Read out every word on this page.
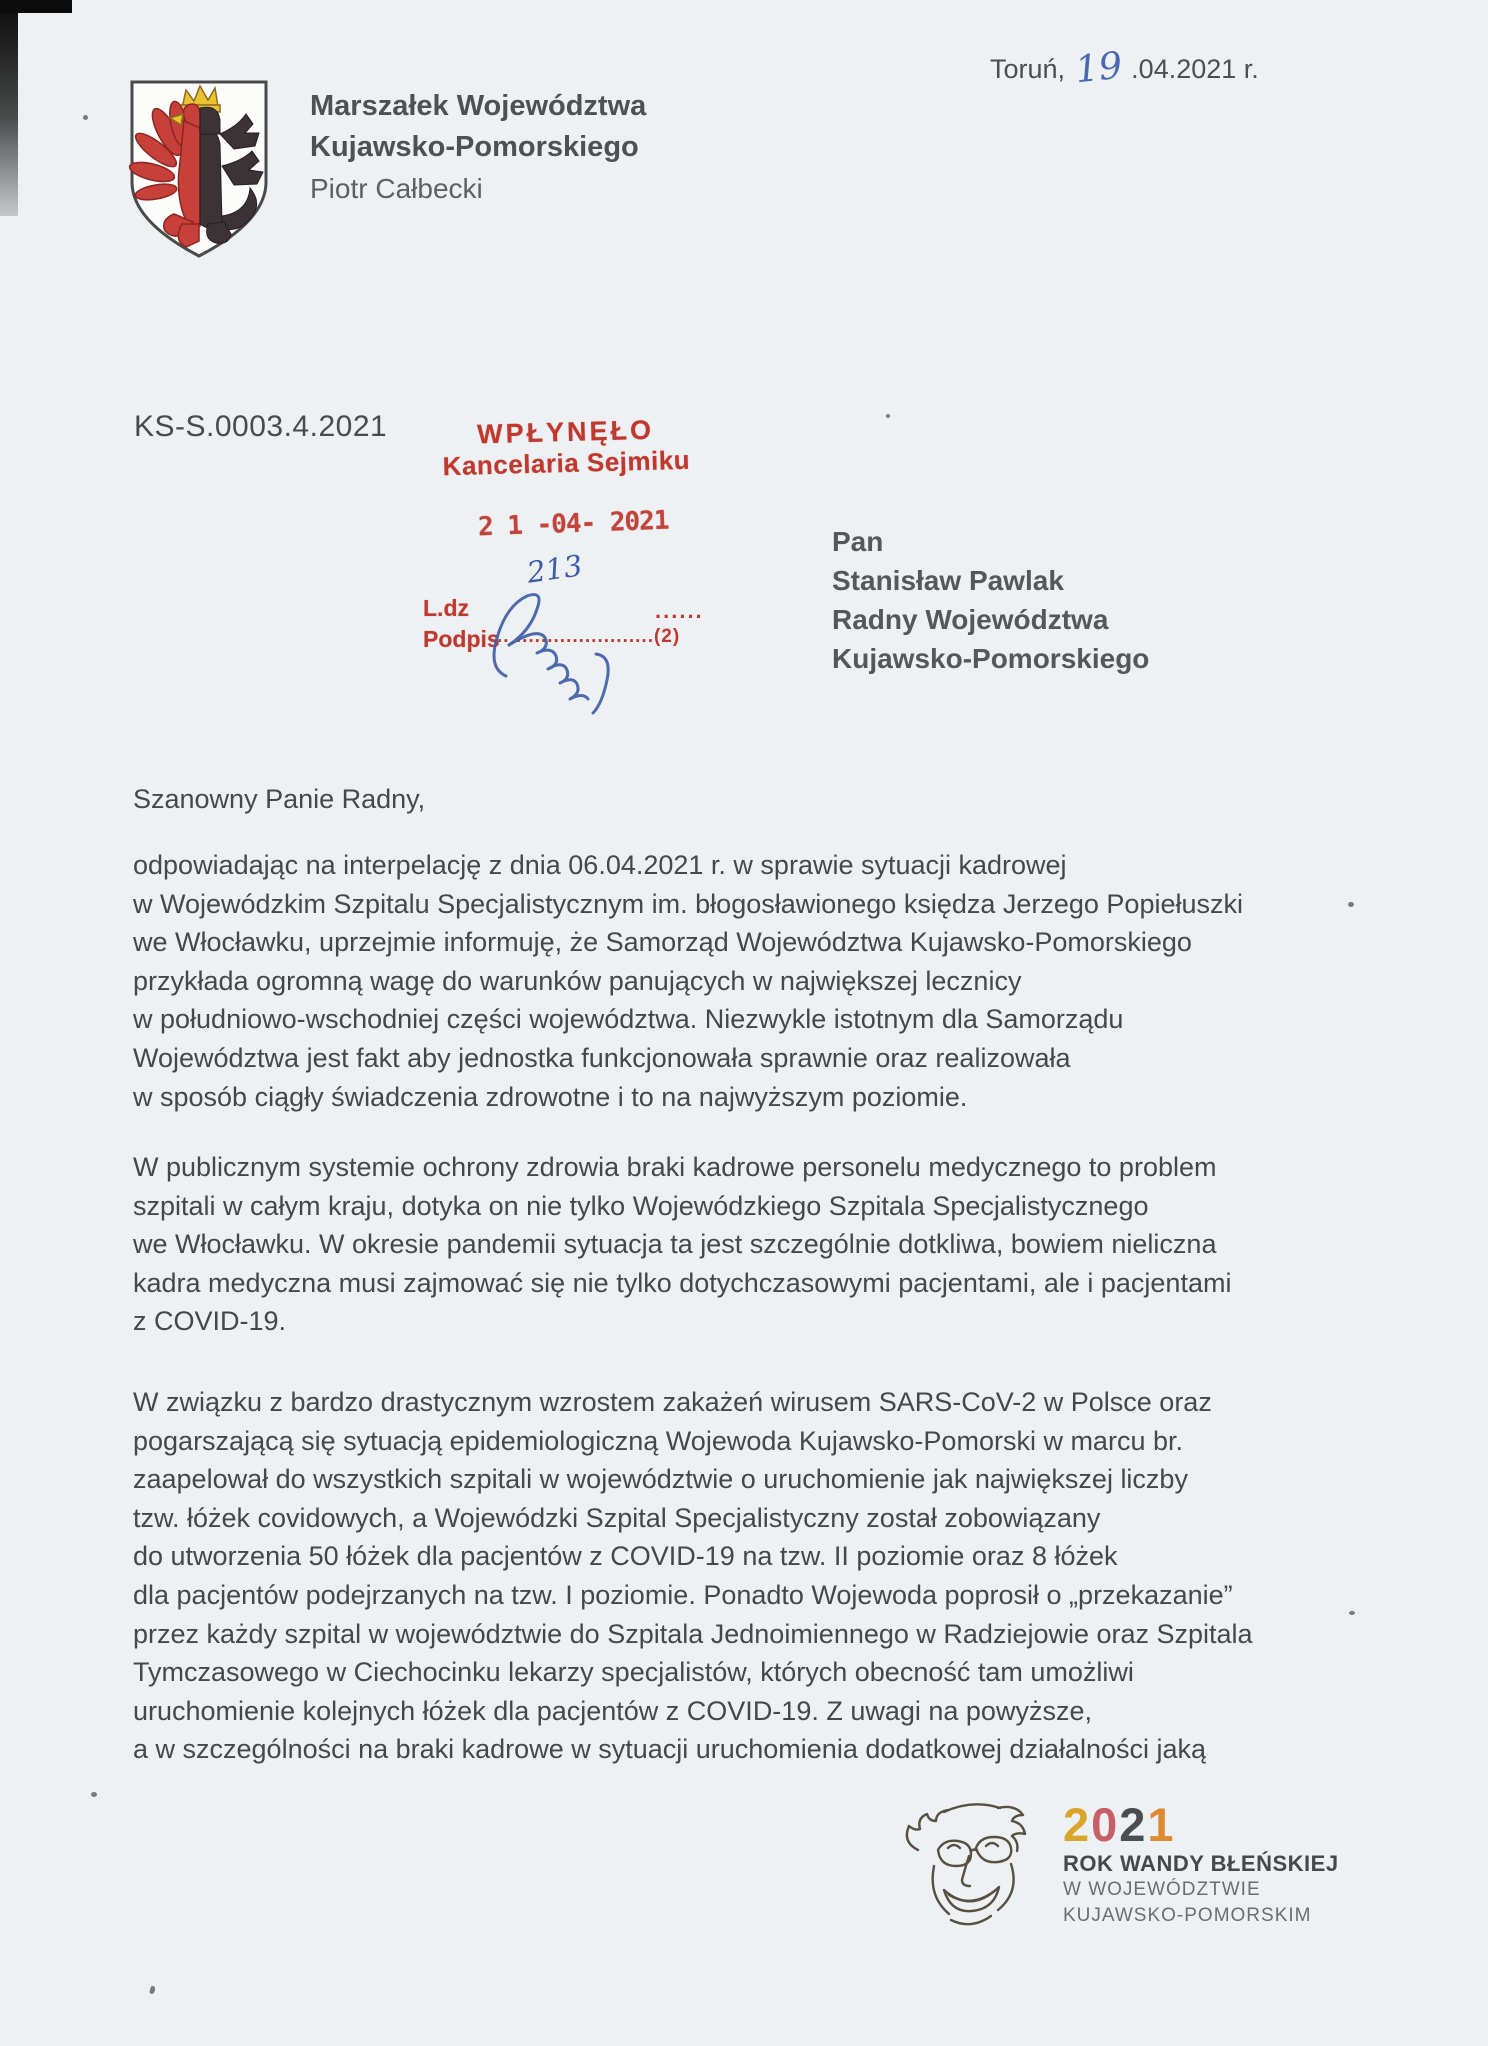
Toruń, 19 .04.2021 r.
Marszałek Województwa
Kujawsko-Pomorskiego
Piotr Całbecki
KS-S.0003.4.2021	WPŁYNĘŁO
Kancelaria Sejmiku
2 1 -04- 2021
L.dz
Podpis
......
.. ......................(2)
213
Pan
Stanisław Pawlak
Radny Województwa
Kujawsko-Pomorskiego
Szanowny Panie Radny,
odpowiadając na interpelację z dnia 06.04.2021 r. w sprawie sytuacji kadrowej
w Wojewódzkim Szpitalu Specjalistycznym im. błogosławionego księdza Jerzego Popiełuszki
we Włocławku, uprzejmie informuję, że Samorząd Województwa Kujawsko-Pomorskiego
przykłada ogromną wagę do warunków panujących w największej lecznicy
w południowo-wschodniej części województwa. Niezwykle istotnym dla Samorządu
Województwa jest fakt aby jednostka funkcjonowała sprawnie oraz realizowała
w sposób ciągły świadczenia zdrowotne i to na najwyższym poziomie.
W publicznym systemie ochrony zdrowia braki kadrowe personelu medycznego to problem
szpitali w całym kraju, dotyka on nie tylko Wojewódzkiego Szpitala Specjalistycznego
we Włocławku. W okresie pandemii sytuacja ta jest szczególnie dotkliwa, bowiem nieliczna
kadra medyczna musi zajmować się nie tylko dotychczasowymi pacjentami, ale i pacjentami
z COVID-19.
W związku z bardzo drastycznym wzrostem zakażeń wirusem SARS-CoV-2 w Polsce oraz
pogarszającą się sytuacją epidemiologiczną Wojewoda Kujawsko-Pomorski w marcu br.
zaapelował do wszystkich szpitali w województwie o uruchomienie jak największej liczby
tzw. łóżek covidowych, a Wojewódzki Szpital Specjalistyczny został zobowiązany
do utworzenia 50 łóżek dla pacjentów z COVID-19 na tzw. II poziomie oraz 8 łóżek
dla pacjentów podejrzanych na tzw. I poziomie. Ponadto Wojewoda poprosił o „przekazanie”
przez każdy szpital w województwie do Szpitala Jednoimiennego w Radziejowie oraz Szpitala
Tymczasowego w Ciechocinku lekarzy specjalistów, których obecność tam umożliwi
uruchomienie kolejnych łóżek dla pacjentów z COVID-19. Z uwagi na powyższe,
a w szczególności na braki kadrowe w sytuacji uruchomienia dodatkowej działalności jaką
2021
ROK WANDY BŁEŃSKIEJ
W WOJEWÓDZTWIE
KUJAWSKO-POMORSKIM
